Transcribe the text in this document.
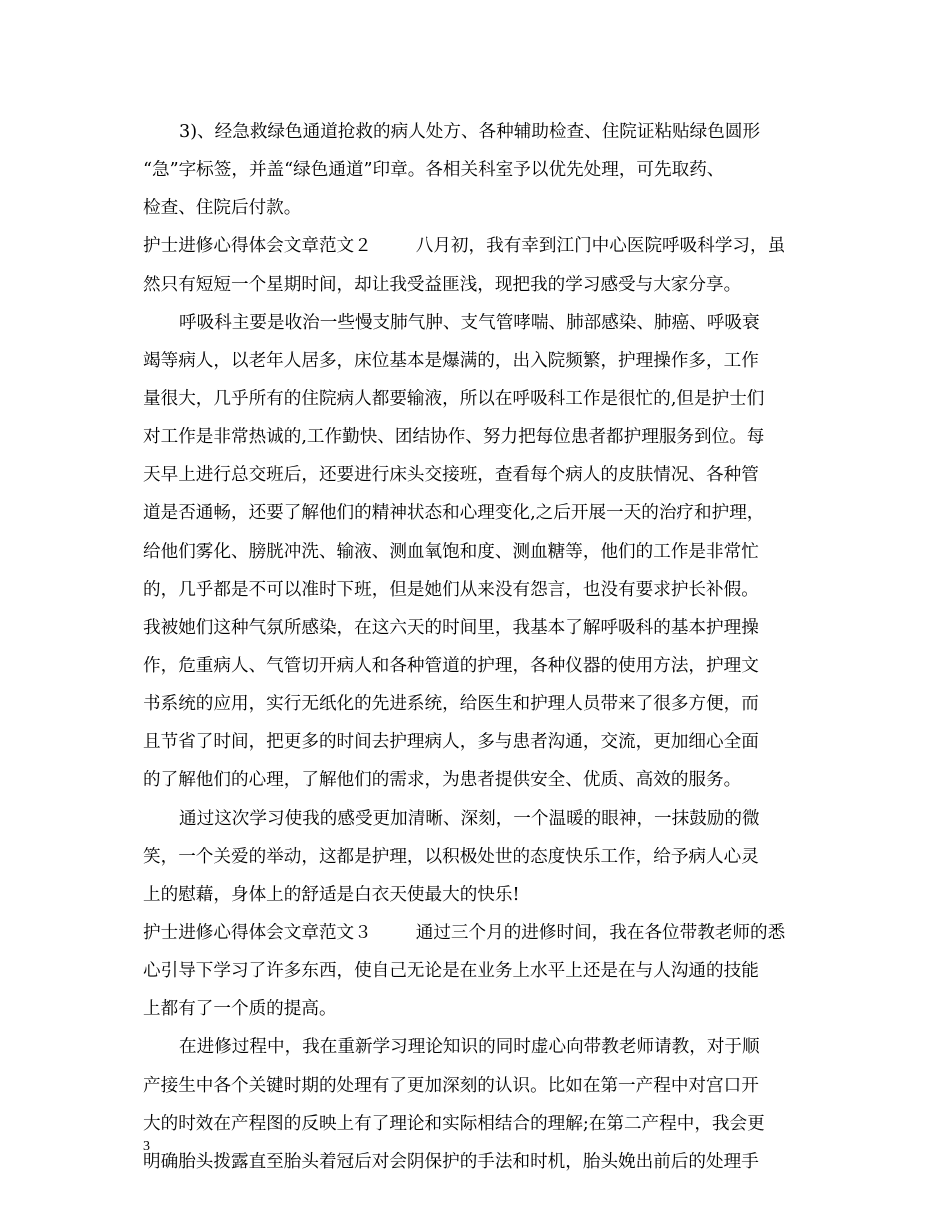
3)、经急救绿色通道抢救的病人处方、各种辅助检查、住院证粘贴绿色圆形
“急”字标签，并盖“绿色通道”印章。各相关科室予以优先处理，可先取药、
检查、住院后付款。
护士进修心得体会文章范文２	八月初，我有幸到江门中心医院呼吸科学习，虽
然只有短短一个星期时间，却让我受益匪浅，现把我的学习感受与大家分享。
呼吸科主要是收治一些慢支肺气肿、支气管哮喘、肺部感染、肺癌、呼吸衰
竭等病人，以老年人居多，床位基本是爆满的，出入院频繁，护理操作多，工作
量很大，几乎所有的住院病人都要输液，所以在呼吸科工作是很忙的,但是护士们
对工作是非常热诚的,工作勤快、团结协作、努力把每位患者都护理服务到位。每
天早上进行总交班后，还要进行床头交接班，查看每个病人的皮肤情况、各种管
道是否通畅，还要了解他们的精神状态和心理变化,之后开展一天的治疗和护理，
给他们雾化、膀胱冲洗、输液、测血氧饱和度、测血糖等，他们的工作是非常忙
的，几乎都是不可以准时下班，但是她们从来没有怨言，也没有要求护长补假。
我被她们这种气氛所感染，在这六天的时间里，我基本了解呼吸科的基本护理操
作，危重病人、气管切开病人和各种管道的护理，各种仪器的使用方法，护理文
书系统的应用，实行无纸化的先进系统，给医生和护理人员带来了很多方便，而
且节省了时间，把更多的时间去护理病人，多与患者沟通，交流，更加细心全面
的了解他们的心理，了解他们的需求，为患者提供安全、优质、高效的服务。
通过这次学习使我的感受更加清晰、深刻，一个温暖的眼神，一抹鼓励的微
笑，一个关爱的举动，这都是护理，以积极处世的态度快乐工作，给予病人心灵
上的慰藉，身体上的舒适是白衣天使最大的快乐!
护士进修心得体会文章范文３	通过三个月的进修时间，我在各位带教老师的悉
心引导下学习了许多东西，使自己无论是在业务上水平上还是在与人沟通的技能
上都有了一个质的提高。
在进修过程中，我在重新学习理论知识的同时虚心向带教老师请教，对于顺
产接生中各个关键时期的处理有了更加深刻的认识。比如在第一产程中对宫口开
大的时效在产程图的反映上有了理论和实际相结合的理解;在第二产程中，我会更
明确胎头拨露直至胎头着冠后对会阴保护的手法和时机，胎头娩出前后的处理手
3
